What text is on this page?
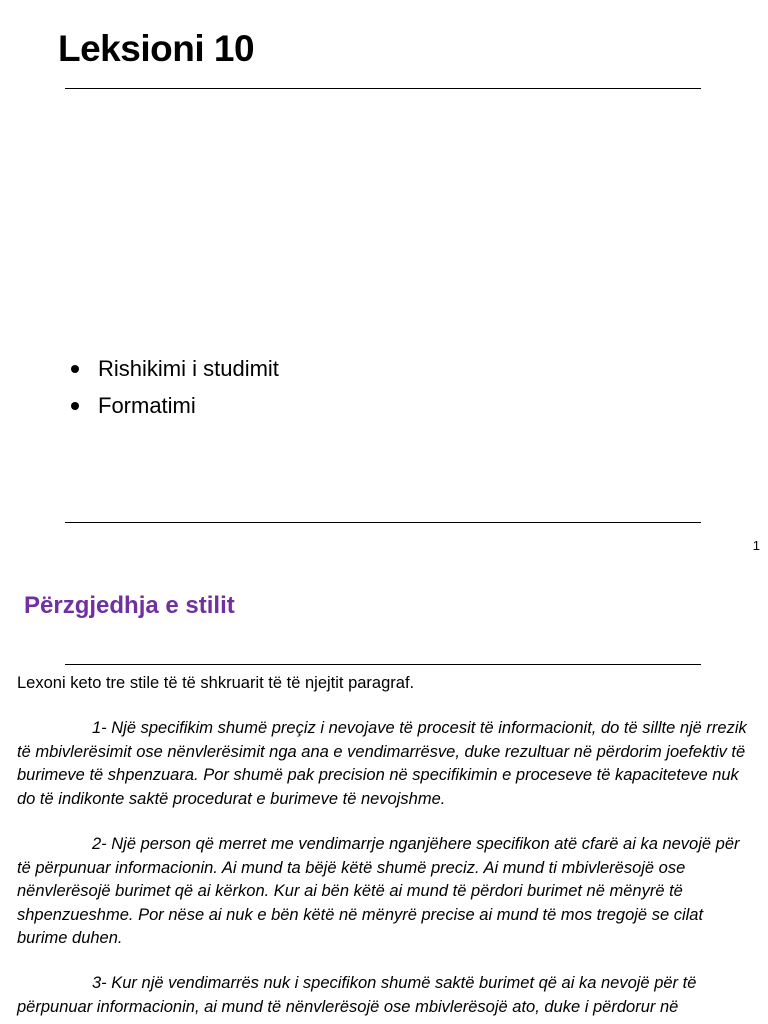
Leksioni 10
Rishikimi i studimit
Formatimi
1
Përzgjedhja e stilit
Lexoni keto tre stile të të shkruarit të të njejtit paragraf.

1- Një specifikim shumë preçiz i nevojave të procesit të informacionit, do të sillte një rrezik të mbivlerësimit ose nënvlerësimit nga ana e vendimarrësve, duke rezultuar në përdorim joefektiv të burimeve të shpenzuara. Por shumë pak precision në specifikimin e proceseve të kapaciteteve nuk do të indikonte saktë procedurat e burimeve të nevojshme.

2- Një person që merret me vendimarrje nganjëhere specifikon atë cfarë ai ka nevojë për të përpunuar informacionin. Ai mund ta bëjë këtë shumë preciz. Ai mund ti mbivlerësojë ose nënvlerësojë burimet që ai kërkon. Kur ai bën këtë ai mund të përdori burimet në mënyrë të shpenzueshme. Por nëse ai nuk e bën këtë në mënyrë precise ai mund të mos tregojë se cilat burime duhen.

3- Kur një vendimarrës nuk i specifikon shumë saktë burimet që ai ka nevojë për të përpunuar informacionin, ai mund të nënvlerësojë ose mbivlerësojë ato, duke i përdorur në
